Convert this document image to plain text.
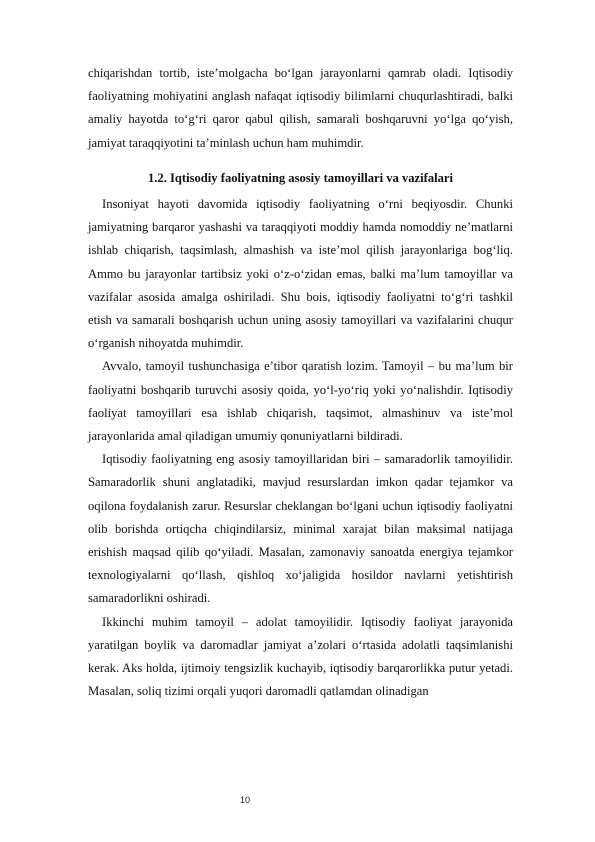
chiqarishdan tortib, iste’molgacha bo‘lgan jarayonlarni qamrab oladi. Iqtisodiy faoliyatning mohiyatini anglash nafaqat iqtisodiy bilimlarni chuqurlashtiradi, balki amaliy hayotda to‘g‘ri qaror qabul qilish, samarali boshqaruvni yo‘lga qo‘yish, jamiyat taraqqiyotini ta’minlash uchun ham muhimdir.

1.2. Iqtisodiy faoliyatning asosiy tamoyillari va vazifalari

Insoniyat hayoti davomida iqtisodiy faoliyatning o‘rni beqiyosdir. Chunki jamiyatning barqaror yashashi va taraqqiyoti moddiy hamda nomoddiy ne’matlarni ishlab chiqarish, taqsimlash, almashish va iste’mol qilish jarayonlariga bog‘liq. Ammo bu jarayonlar tartibsiz yoki o‘z-o‘zidan emas, balki ma’lum tamoyillar va vazifalar asosida amalga oshiriladi. Shu bois, iqtisodiy faoliyatni to‘g‘ri tashkil etish va samarali boshqarish uchun uning asosiy tamoyillari va vazifalarini chuqur o‘rganish nihoyatda muhimdir.

Avvalo, tamoyil tushunchasiga e’tibor qaratish lozim. Tamoyil – bu ma’lum bir faoliyatni boshqarib turuvchi asosiy qoida, yo‘l-yo‘riq yoki yo‘nalishdir. Iqtisodiy faoliyat tamoyillari esa ishlab chiqarish, taqsimot, almashinuv va iste’mol jarayonlarida amal qiladigan umumiy qonuniyatlarni bildiradi.

Iqtisodiy faoliyatning eng asosiy tamoyillaridan biri – samaradorlik tamoyilidir. Samaradorlik shuni anglatadiki, mavjud resurslardan imkon qadar tejamkor va oqilona foydalanish zarur. Resurslar cheklangan bo‘lgani uchun iqtisodiy faoliyatni olib borishda ortiqcha chiqindilarsiz, minimal xarajat bilan maksimal natijaga erishish maqsad qilib qo‘yiladi. Masalan, zamonaviy sanoatda energiya tejamkor texnologiyalarni qo‘llash, qishloq xo‘jaligida hosildor navlarni yetishtirish samaradorlikni oshiradi.

Ikkinchi muhim tamoyil – adolat tamoyilidir. Iqtisodiy faoliyat jarayonida yaratilgan boylik va daromadlar jamiyat a’zolari o‘rtasida adolatli taqsimlanishi kerak. Aks holda, ijtimoiy tengsizlik kuchayib, iqtisodiy barqarorlikka putur yetadi. Masalan, soliq tizimi orqali yuqori daromadli qatlamdan olinadigan

10
